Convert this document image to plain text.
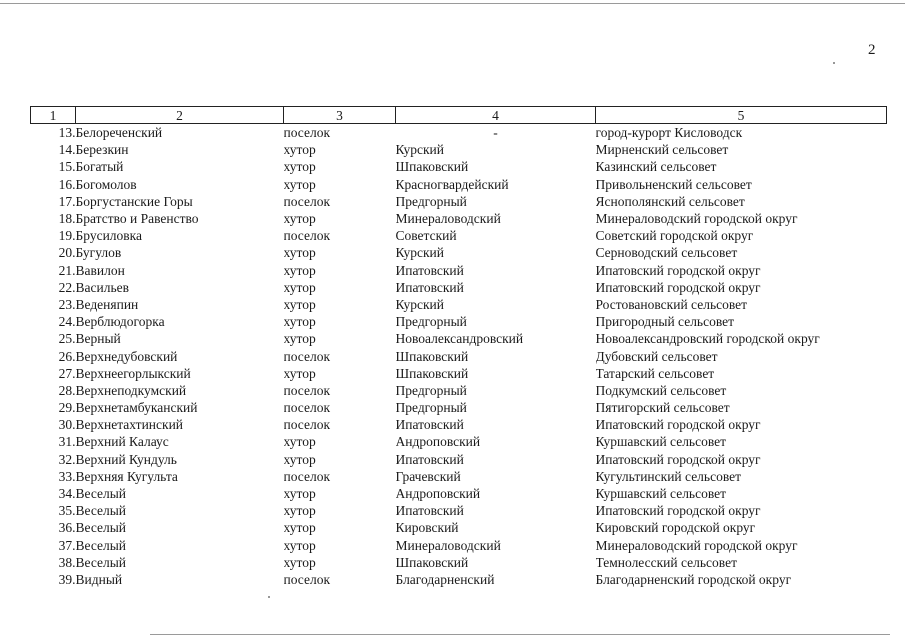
2
1	2	3	4	5
13.	Белореченский	поселок	-	город-курорт Кисловодск
14.	Березкин	хутор	Курский	Мирненский сельсовет
15.	Богатый	хутор	Шпаковский	Казинский сельсовет
16.	Богомолов	хутор	Красногвардейский	Привольненский сельсовет
17.	Боргустанские Горы	поселок	Предгорный	Яснополянский сельсовет
18.	Братство и Равенство	хутор	Минераловодский	Минераловодский городской округ
19.	Брусиловка	поселок	Советский	Советский городской округ
20.	Бугулов	хутор	Курский	Серноводский сельсовет
21.	Вавилон	хутор	Ипатовский	Ипатовский городской округ
22.	Васильев	хутор	Ипатовский	Ипатовский городской округ
23.	Веденяпин	хутор	Курский	Ростовановский сельсовет
24.	Верблюдогорка	хутор	Предгорный	Пригородный сельсовет
25.	Верный	хутор	Новоалександровский	Новоалександровский городской округ
26.	Верхнедубовский	поселок	Шпаковский	Дубовский сельсовет
27.	Верхнеегорлыкский	хутор	Шпаковский	Татарский сельсовет
28.	Верхнеподкумский	поселок	Предгорный	Подкумский сельсовет
29.	Верхнетамбуканский	поселок	Предгорный	Пятигорский сельсовет
30.	Верхнетахтинский	поселок	Ипатовский	Ипатовский городской округ
31.	Верхний Калаус	хутор	Андроповский	Куршавский сельсовет
32.	Верхний Кундуль	хутор	Ипатовский	Ипатовский городской округ
33.	Верхняя Кугульта	поселок	Грачевский	Кугультинский сельсовет
34.	Веселый	хутор	Андроповский	Куршавский сельсовет
35.	Веселый	хутор	Ипатовский	Ипатовский городской округ
36.	Веселый	хутор	Кировский	Кировский городской округ
37.	Веселый	хутор	Минераловодский	Минераловодский городской округ
38.	Веселый	хутор	Шпаковский	Темнолесский сельсовет
39.	Видный	поселок	Благодарненский	Благодарненский городской округ
